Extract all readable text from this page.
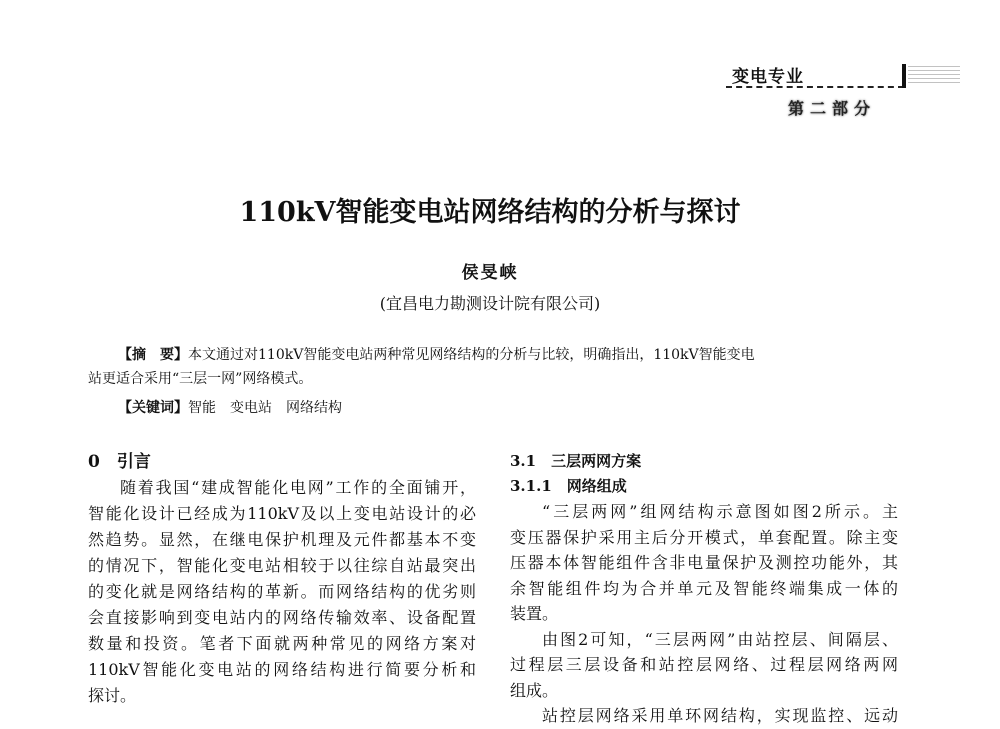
变电专业
第二部分
110kV智能变电站网络结构的分析与探讨
侯旻峡
(宜昌电力勘测设计院有限公司)
【摘　要】本文通过对110kV智能变电站两种常见网络结构的分析与比较，明确指出，110kV智能变电
站更适合采用“三层一网”网络模式。
【关键词】智能　变电站　网络结构
0　引言
随着我国“建成智能化电网”工作的全面铺开，
智能化设计已经成为110kV及以上变电站设计的必
然趋势。显然，在继电保护机理及元件都基本不变
的情况下，智能化变电站相较于以往综自站最突出
的变化就是网络结构的革新。而网络结构的优劣则
会直接影响到变电站内的网络传输效率、设备配置
数量和投资。笔者下面就两种常见的网络方案对
110kV智能化变电站的网络结构进行简要分析和
探讨。
3.1　三层两网方案
3.1.1　网络组成
“三层两网”组网结构示意图如图2所示。主
变压器保护采用主后分开模式，单套配置。除主变
压器本体智能组件含非电量保护及测控功能外，其
余智能组件均为合并单元及智能终端集成一体的
装置。
由图2可知，“三层两网”由站控层、间隔层、
过程层三层设备和站控层网络、过程层网络两网
组成。
站控层网络采用单环网结构，实现监控、远动
